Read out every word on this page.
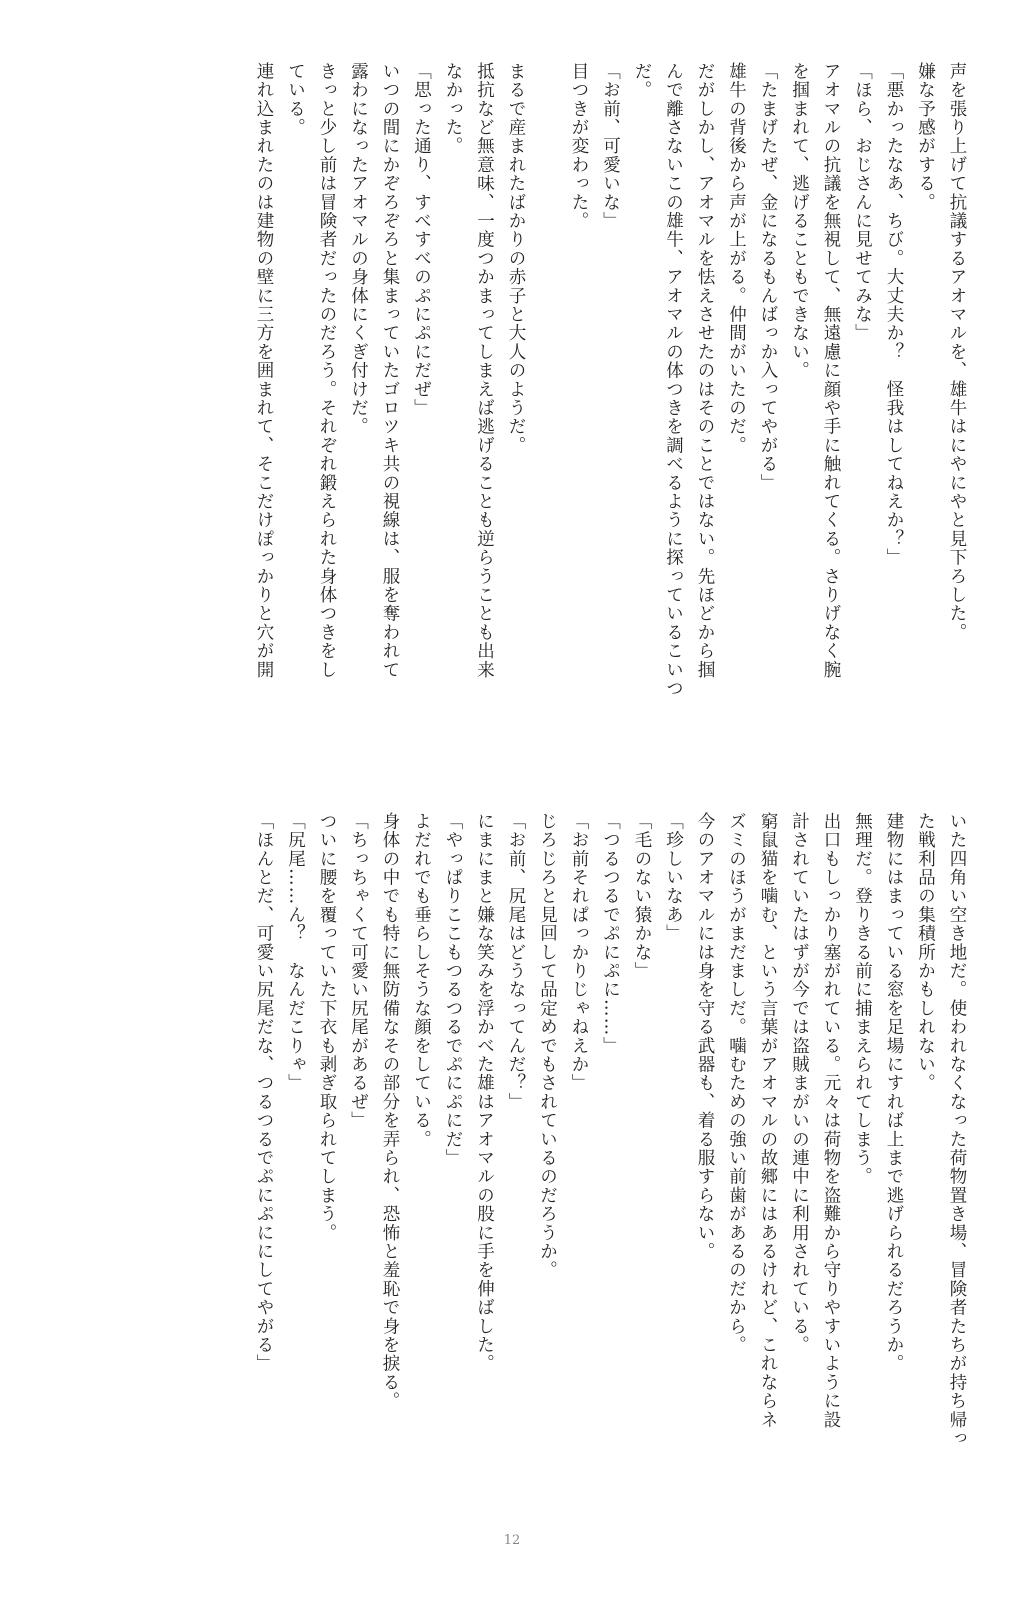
声を張り上げて抗議するアオマルを、雄牛はにやにやと見下ろした。
嫌な予感がする。
「悪かったなあ、ちび。大丈夫か？　怪我はしてねえか？」
「ほら、おじさんに見せてみな」
アオマルの抗議を無視して、無遠慮に顔や手に触れてくる。さりげなく腕
を掴まれて、逃げることもできない。
「たまげたぜ、金になるもんばっか入ってやがる」
雄牛の背後から声が上がる。仲間がいたのだ。
だがしかし、アオマルを怯えさせたのはそのことではない。先ほどから掴
んで離さないこの雄牛、アオマルの体つきを調べるように探っているこいつ
だ。
「お前、可愛いな」
目つきが変わった。
まるで産まれたばかりの赤子と大人のようだ。
抵抗など無意味、一度つかまってしまえば逃げることも逆らうことも出来
なかった。
「思った通り、すべすべのぷにぷにだぜ」
いつの間にかぞろぞろと集まっていたゴロツキ共の視線は、服を奪われて
露わになったアオマルの身体にくぎ付けだ。
きっと少し前は冒険者だったのだろう。それぞれ鍛えられた身体つきをし
ている。
連れ込まれたのは建物の壁に三方を囲まれて、そこだけぽっかりと穴が開
いた四角い空き地だ。使われなくなった荷物置き場、冒険者たちが持ち帰っ
た戦利品の集積所かもしれない。
建物にはまっている窓を足場にすれば上まで逃げられるだろうか。
無理だ。登りきる前に捕まえられてしまう。
出口もしっかり塞がれている。元々は荷物を盗難から守りやすいように設
計されていたはずが今では盗賊まがいの連中に利用されている。
窮鼠猫を噛む、という言葉がアオマルの故郷にはあるけれど、これならネ
ズミのほうがまだましだ。噛むための強い前歯があるのだから。
今のアオマルには身を守る武器も、着る服すらない。
「珍しいなあ」
「毛のない猿かな」
「つるつるでぷにぷに……」
「お前それぱっかりじゃねえか」
じろじろと見回して品定めでもされているのだろうか。
「お前、尻尾はどうなってんだ？」
にまにまと嫌な笑みを浮かべた雄はアオマルの股に手を伸ばした。
「やっぱりここもつるつるでぷにぷにだ」
よだれでも垂らしそうな顔をしている。
身体の中でも特に無防備なその部分を弄られ、恐怖と羞恥で身を捩る。
「ちっちゃくて可愛い尻尾があるぜ」
ついに腰を覆っていた下衣も剥ぎ取られてしまう。
「尻尾……ん？　なんだこりゃ」
「ほんとだ、可愛い尻尾だな、つるつるでぷにぷににしてやがる」
12
